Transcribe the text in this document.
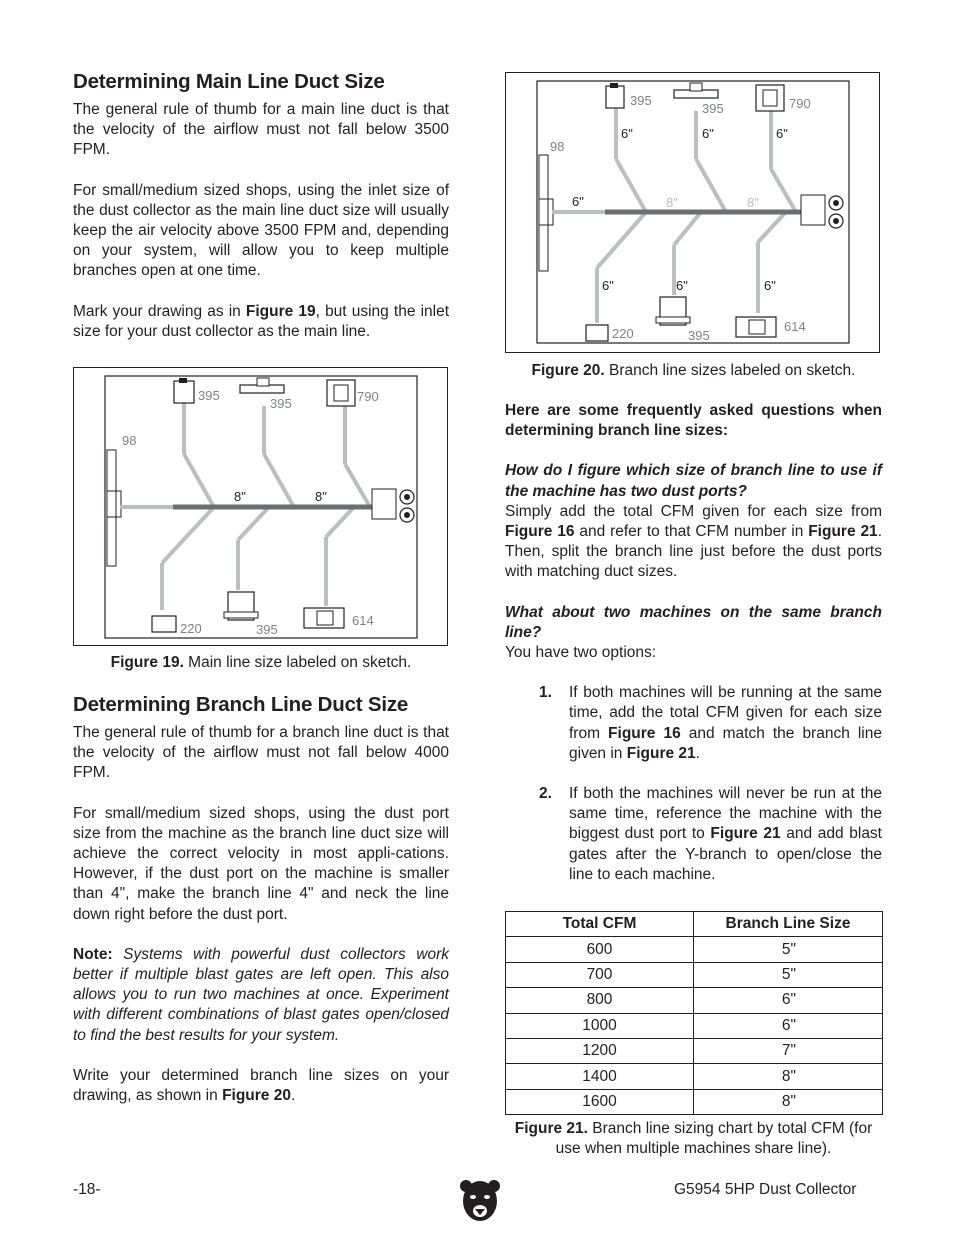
Determining Main Line Duct Size

The general rule of thumb for a main line duct is that the velocity of the airflow must not fall below 3500 FPM.

For small/medium sized shops, using the inlet size of the dust collector as the main line duct size will usually keep the air velocity above 3500 FPM and, depending on your system, will allow you to keep multiple branches open at one time.

Mark your drawing as in Figure 19, but using the inlet size for your dust collector as the main line.

395
395	790
98
220	395
614
8"	8"
Figure 19. Main line size labeled on sketch.
Determining Branch Line Duct Size

The general rule of thumb for a branch line duct is that the velocity of the airflow must not fall below 4000 FPM.

For small/medium sized shops, using the dust port size from the machine as the branch line duct size will achieve the correct velocity in most appli-cations. However, if the dust port on the machine is smaller than 4", make the branch line 4" and neck the line down right before the dust port.

Note: Systems with powerful dust collectors work better if multiple blast gates are left open. This also allows you to run two machines at once. Experiment with different combinations of blast gates open/closed to find the best results for your system.

Write your determined branch line sizes on your drawing, as shown in Figure 20.

395
395	790
98
220	395
614
8"	8"
6"	6"	6"
6"
6"	6"	6"
Figure 20. Branch line sizes labeled on sketch.

Here are some frequently asked questions when determining branch line sizes:

How do I figure which size of branch line to use if the machine has two dust ports?

Simply add the total CFM given for each size from Figure 16 and refer to that CFM number in Figure 21. Then, split the branch line just before the dust ports with matching duct sizes.

What about two machines on the same branch line?

You have two options:

1. If both machines will be running at the same time, add the total CFM given for each size from Figure 16 and match the branch line given in Figure 21.

2. If both the machines will never be run at the same time, reference the machine with the biggest dust port to Figure 21 and add blast gates after the Y-branch to open/close the line to each machine.

Total CFM	Branch Line Size
600	5"
700	5"
800	6"
1000	6"
1200	7"
1400	8"
1600	8"
Figure 21. Branch line sizing chart by total CFM (for use when multiple machines share line).
-18-	G5954 5HP Dust Collector
